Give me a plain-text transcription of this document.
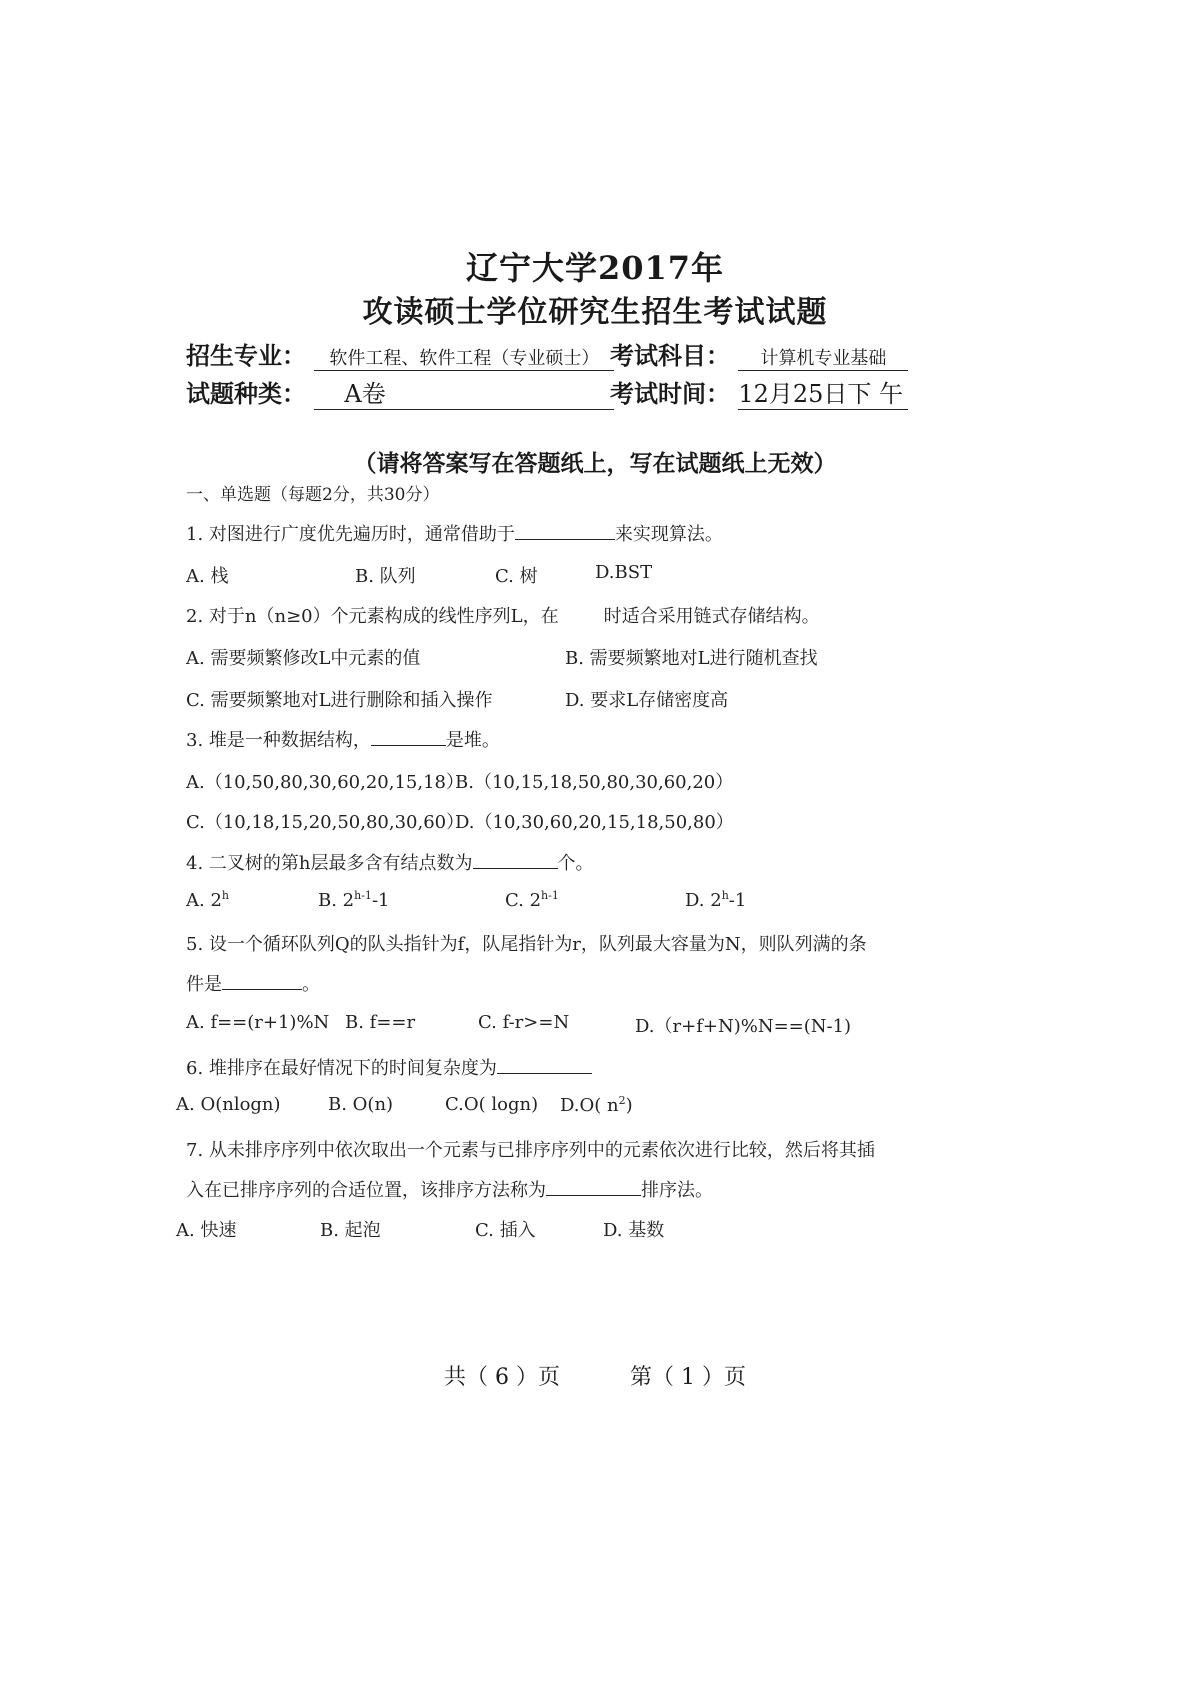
辽宁大学2017年
攻读硕士学位研究生招生考试试题
招生专业： 软件工程、软件工程（专业硕士） 考试科目： 计算机专业基础
试题种类： A卷	考试时间： 12月25日下 午
（请将答案写在答题纸上，写在试题纸上无效）
一、单选题（每题2分，共30分）
1. 对图进行广度优先遍历时，通常借助于	来实现算法。
A. 栈	B. 队列	C. 树	D.BST
2. 对于n（n≥0）个元素构成的线性序列L，在	时适合采用链式存储结构。
A. 需要频繁修改L中元素的值	B. 需要频繁地对L进行随机查找
C. 需要频繁地对L进行删除和插入操作	D. 要求L存储密度高
3. 堆是一种数据结构，	是堆。
A.（10,50,80,30,60,20,15,18）
B.（10,15,18,50,80,30,60,20）
C.（10,18,15,20,50,80,30,60）
D.（10,30,60,20,15,18,50,80）
4. 二叉树的第h层最多含有结点数为	个。
A. 2$^h$	B. 2$^{h-1}$-1	C. 2$^{h-1}$	D. 2$^h$-1
5. 设一个循环队列Q的队头指针为f，队尾指针为r，队列最大容量为N，则队列满的条
件是	。
A. f==(r+1)%N B. f==r	C. f-r>=N	D.（r+f+N)%N==(N-1)
6. 堆排序在最好情况下的时间复杂度为
A. O(nlogn)	B. O(n)	C.O( logn) D.O( $n^2$)
7. 从未排序序列中依次取出一个元素与已排序序列中的元素依次进行比较，然后将其插
入在已排序序列的合适位置，该排序方法称为	排序法。
A. 快速	B. 起泡	C. 插入	D. 基数
共（ 6 ）页	第（ 1 ）页
